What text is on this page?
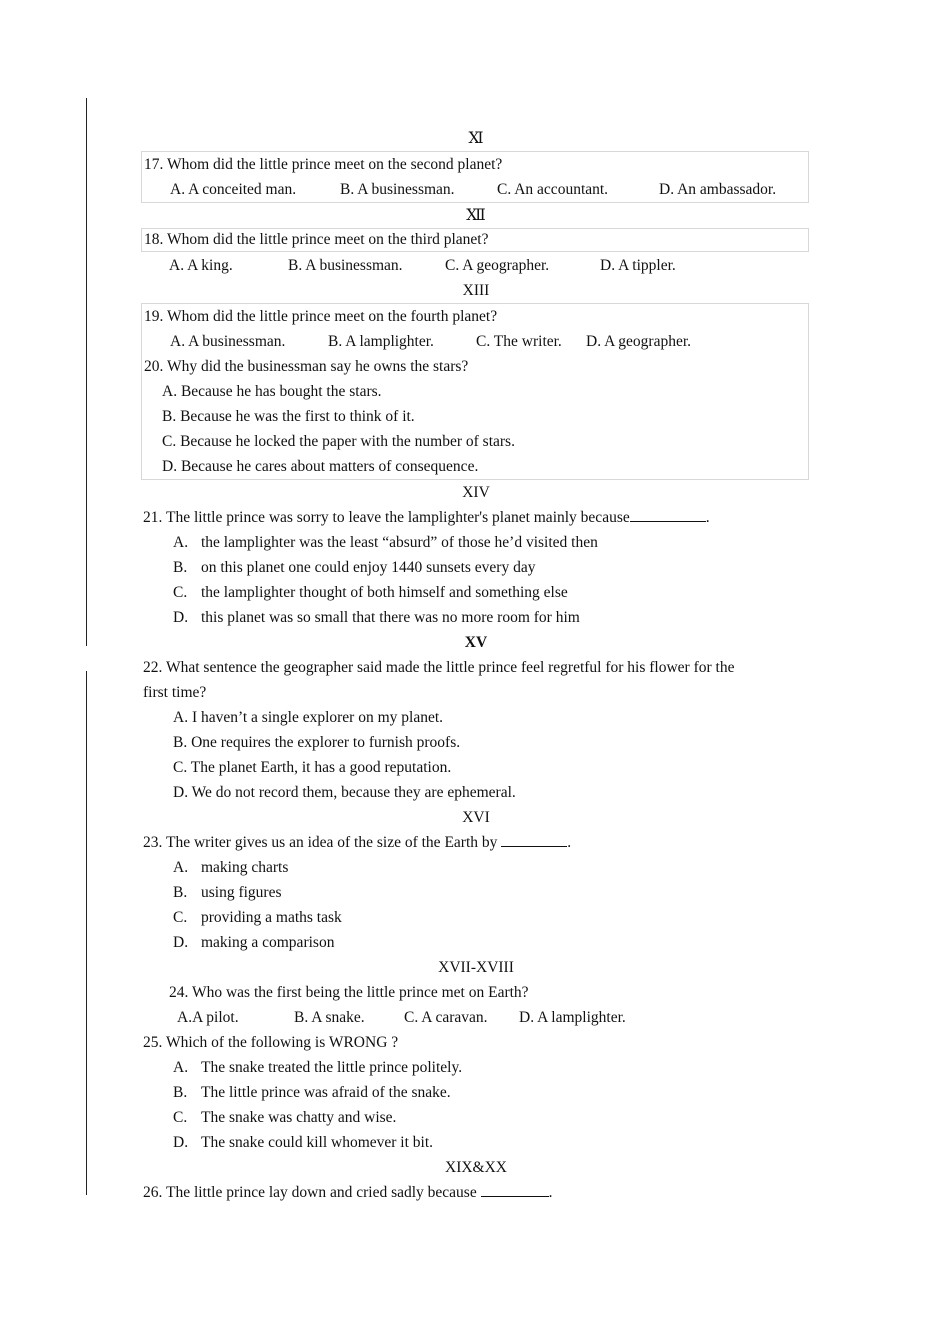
Ⅺ
17. Whom did the little prince meet on the second planet?
A. A conceited man.	B. A businessman.	C. An accountant.	D. An ambassador.
Ⅻ
18. Whom did the little prince meet on the third planet?
A. A king.	B. A businessman.	C. A geographer.	D. A tippler.
XIII
19. Whom did the little prince meet on the fourth planet?
A. A businessman.	B. A lamplighter.	C. The writer. D. A geographer.
20. Why did the businessman say he owns the stars?
A. Because he has bought the stars.
B. Because he was the first to think of it.
C. Because he locked the paper with the number of stars.
D. Because he cares about matters of consequence.
XIV
21. The little prince was sorry to leave the lamplighter's planet mainly because	.
A. the lamplighter was the least “absurd” of those he’d visited then
B. on this planet one could enjoy 1440 sunsets every day
C. the lamplighter thought of both himself and something else
D. this planet was so small that there was no more room for him
XV
22. What sentence the geographer said made the little prince feel regretful for his flower for the
first time?
A. I haven’t a single explorer on my planet.
B. One requires the explorer to furnish proofs.
C. The planet Earth, it has a good reputation.
D. We do not record them, because they are ephemeral.
XVI
23. The writer gives us an idea of the size of the Earth by	.
A. making charts
B. using figures
C. providing a maths task
D. making a comparison
XVII-XVIII
24. Who was the first being the little prince met on Earth?
A.A pilot.	B. A snake.	C. A caravan. D. A lamplighter.
25. Which of the following is WRONG ?
A. The snake treated the little prince politely.
B. The little prince was afraid of the snake.
C. The snake was chatty and wise.
D. The snake could kill whomever it bit.
XIX&XX
26. The little prince lay down and cried sadly because	.
